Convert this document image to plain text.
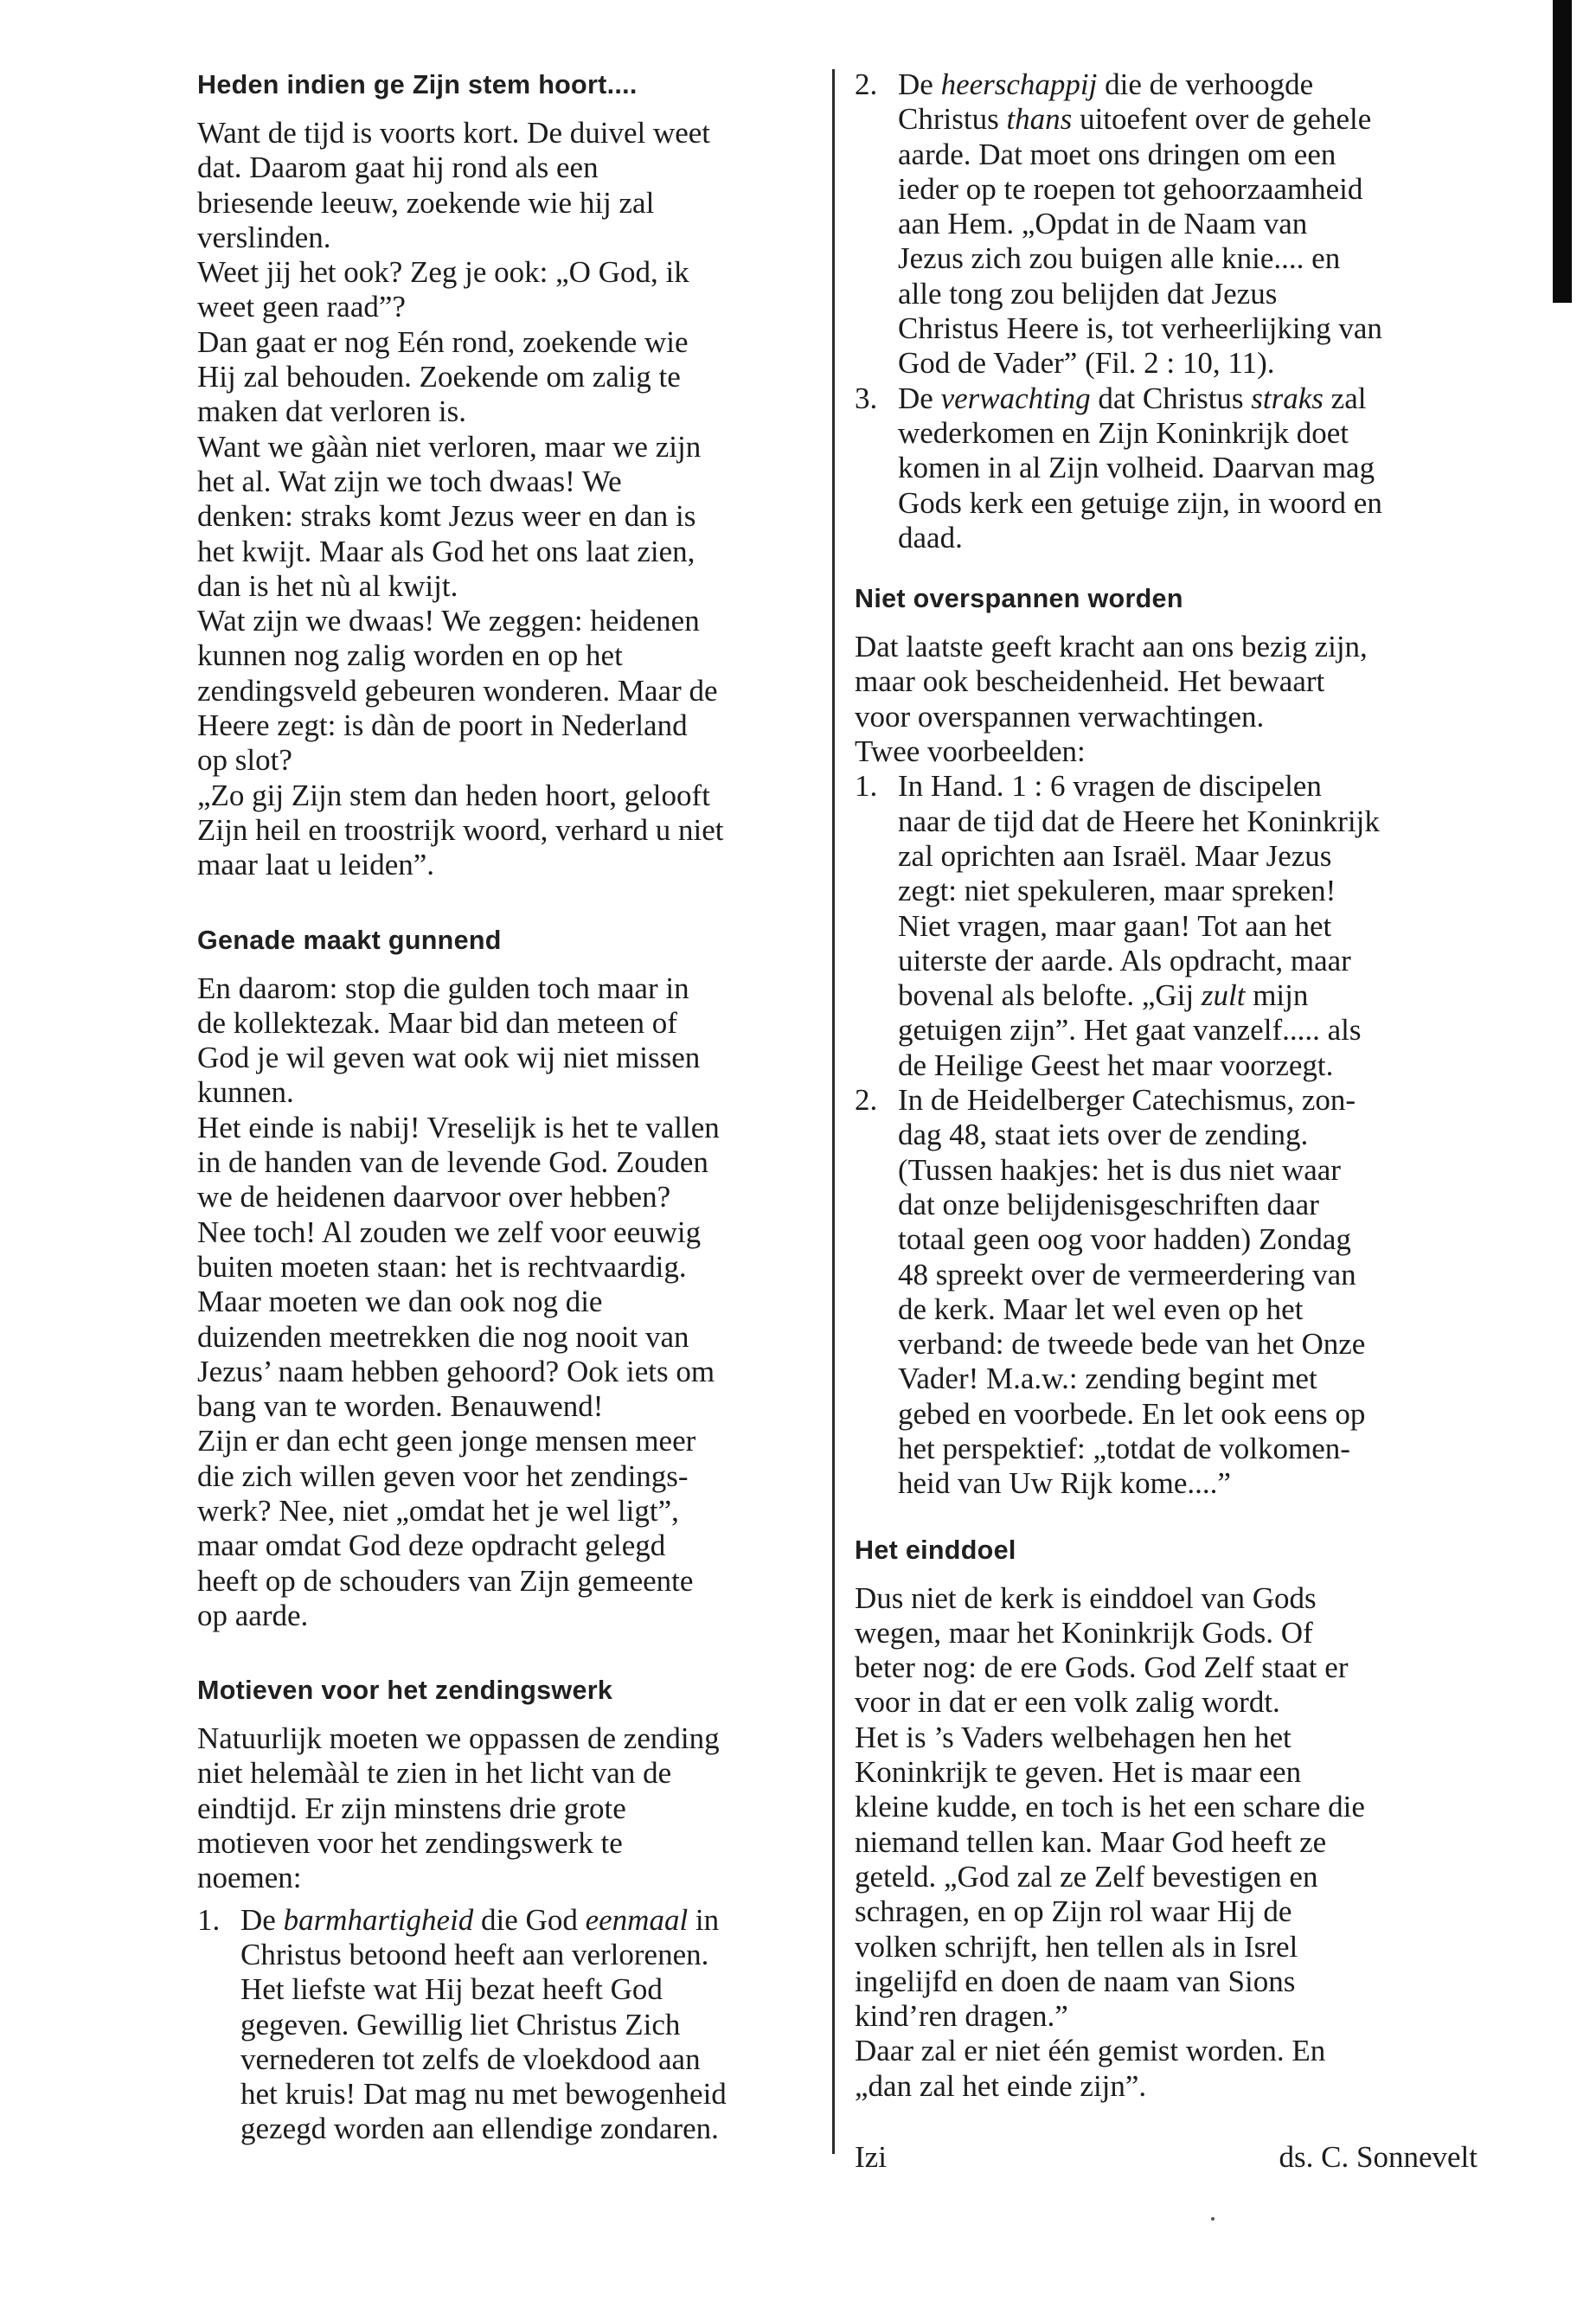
Heden indien ge Zijn stem hoort....

Want de tijd is voorts kort. De duivel weet
dat. Daarom gaat hij rond als een
briesende leeuw, zoekende wie hij zal
verslinden.
Weet jij het ook? Zeg je ook: „O God, ik
weet geen raad”?
Dan gaat er nog Eén rond, zoekende wie
Hij zal behouden. Zoekende om zalig te
maken dat verloren is.
Want we gààn niet verloren, maar we zijn
het al. Wat zijn we toch dwaas! We
denken: straks komt Jezus weer en dan is
het kwijt. Maar als God het ons laat zien,
dan is het nù al kwijt.
Wat zijn we dwaas! We zeggen: heidenen
kunnen nog zalig worden en op het
zendingsveld gebeuren wonderen. Maar de
Heere zegt: is dàn de poort in Nederland
op slot?
„Zo gij Zijn stem dan heden hoort, gelooft
Zijn heil en troostrijk woord, verhard u niet
maar laat u leiden”.

Genade maakt gunnend

En daarom: stop die gulden toch maar in
de kollektezak. Maar bid dan meteen of
God je wil geven wat ook wij niet missen
kunnen.
Het einde is nabij! Vreselijk is het te vallen
in de handen van de levende God. Zouden
we de heidenen daarvoor over hebben?
Nee toch! Al zouden we zelf voor eeuwig
buiten moeten staan: het is rechtvaardig.
Maar moeten we dan ook nog die
duizenden meetrekken die nog nooit van
Jezus’ naam hebben gehoord? Ook iets om
bang van te worden. Benauwend!
Zijn er dan echt geen jonge mensen meer
die zich willen geven voor het zendings-
werk? Nee, niet „omdat het je wel ligt”,
maar omdat God deze opdracht gelegd
heeft op de schouders van Zijn gemeente
op aarde.

Motieven voor het zendingswerk

Natuurlijk moeten we oppassen de zending
niet helemààl te zien in het licht van de
eindtijd. Er zijn minstens drie grote
motieven voor het zendingswerk te
noemen:

1. De barmhartigheid die God eenmaal in
Christus betoond heeft aan verlorenen.
Het liefste wat Hij bezat heeft God
gegeven. Gewillig liet Christus Zich
vernederen tot zelfs de vloekdood aan
het kruis! Dat mag nu met bewogenheid
gezegd worden aan ellendige zondaren.
2. De heerschappij die de verhoogde
Christus thans uitoefent over de gehele
aarde. Dat moet ons dringen om een
ieder op te roepen tot gehoorzaamheid
aan Hem. „Opdat in de Naam van
Jezus zich zou buigen alle knie.... en
alle tong zou belijden dat Jezus
Christus Heere is, tot verheerlijking van
God de Vader” (Fil. 2 : 10, 11).
3. De verwachting dat Christus straks zal
wederkomen en Zijn Koninkrijk doet
komen in al Zijn volheid. Daarvan mag
Gods kerk een getuige zijn, in woord en
daad.
Niet overspannen worden

Dat laatste geeft kracht aan ons bezig zijn,
maar ook bescheidenheid. Het bewaart
voor overspannen verwachtingen.
Twee voorbeelden:

1. In Hand. 1 : 6 vragen de discipelen
naar de tijd dat de Heere het Koninkrijk
zal oprichten aan Israël. Maar Jezus
zegt: niet spekuleren, maar spreken!
Niet vragen, maar gaan! Tot aan het
uiterste der aarde. Als opdracht, maar
bovenal als belofte. „Gij zult mijn
getuigen zijn”. Het gaat vanzelf..... als
de Heilige Geest het maar voorzegt.
2. In de Heidelberger Catechismus, zon-
dag 48, staat iets over de zending.
(Tussen haakjes: het is dus niet waar
dat onze belijdenisgeschriften daar
totaal geen oog voor hadden) Zondag
48 spreekt over de vermeerdering van
de kerk. Maar let wel even op het
verband: de tweede bede van het Onze
Vader! M.a.w.: zending begint met
gebed en voorbede. En let ook eens op
het perspektief: „totdat de volkomen-
heid van Uw Rijk kome....”
Het einddoel

Dus niet de kerk is einddoel van Gods
wegen, maar het Koninkrijk Gods. Of
beter nog: de ere Gods. God Zelf staat er
voor in dat er een volk zalig wordt.
Het is ’s Vaders welbehagen hen het
Koninkrijk te geven. Het is maar een
kleine kudde, en toch is het een schare die
niemand tellen kan. Maar God heeft ze
geteld. „God zal ze Zelf bevestigen en
schragen, en op Zijn rol waar Hij de
volken schrijft, hen tellen als in Isrel
ingelijfd en doen de naam van Sions
kind’ren dragen.”
Daar zal er niet één gemist worden. En
„dan zal het einde zijn”.

Izi	ds. C. Sonnevelt
